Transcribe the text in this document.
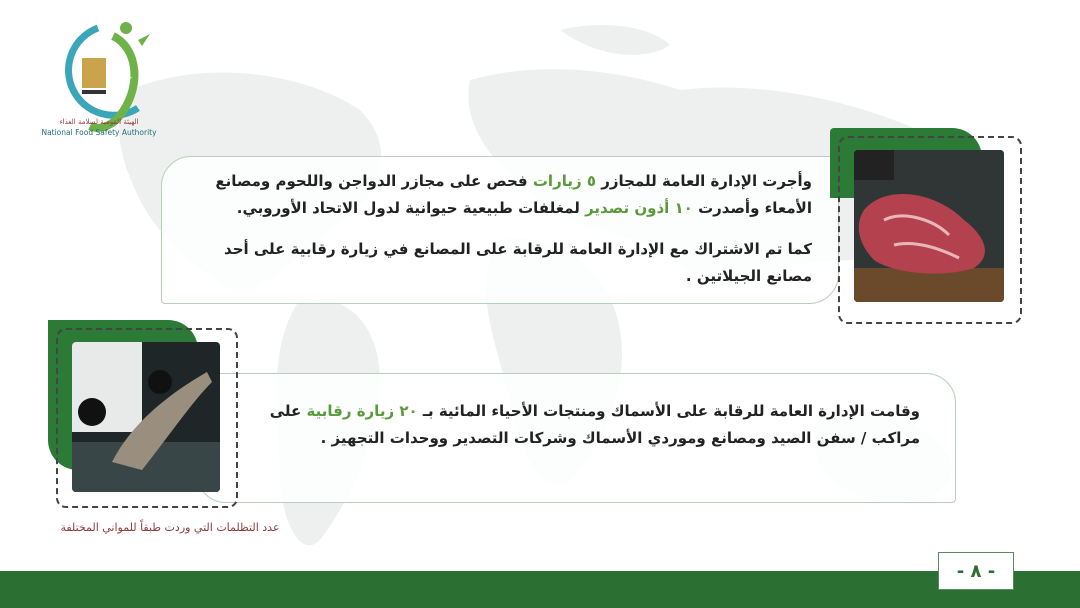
NFSA
الهيئة القومية لسلامة الغذاء
National Food Safety Authority
وأجرت الإدارة العامة للمجازر ٥ زيارات فحص على مجازر الدواجن واللحوم ومصانع الأمعاء وأصدرت ١٠ أذون تصدير لمغلفات طبيعية حيوانية لدول الاتحاد الأوروبي.
كما تم الاشتراك مع الإدارة العامة للرقابة على المصانع في زيارة رقابية على أحد مصانع الجيلاتين .
وقامت الإدارة العامة للرقابة على الأسماك ومنتجات الأحياء المائية بـ ٢٠ زيارة رقابية على مراكب / سفن الصيد ومصانع وموردي الأسماك وشركات التصدير ووحدات التجهيز .
عدد التظلمات التي وردت طبقاً للمواني المختلفة
- ٨ -
